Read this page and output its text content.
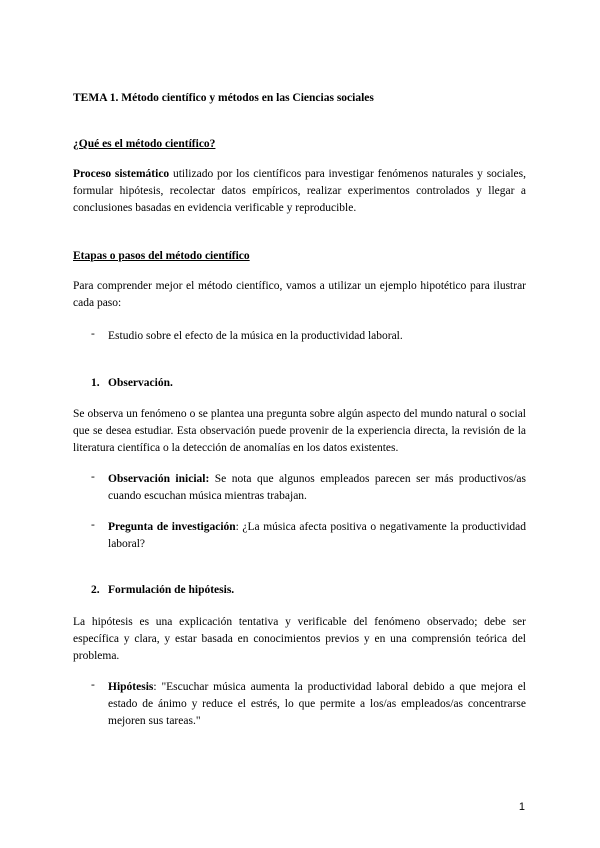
TEMA 1. Método científico y métodos en las Ciencias sociales
¿Qué es el método científico?
Proceso sistemático utilizado por los científicos para investigar fenómenos naturales y sociales, formular hipótesis, recolectar datos empíricos, realizar experimentos controlados y llegar a conclusiones basadas en evidencia verificable y reproducible.
Etapas o pasos del método científico
Para comprender mejor el método científico, vamos a utilizar un ejemplo hipotético para ilustrar cada paso:
- Estudio sobre el efecto de la música en la productividad laboral.
1. Observación.
Se observa un fenómeno o se plantea una pregunta sobre algún aspecto del mundo natural o social que se desea estudiar. Esta observación puede provenir de la experiencia directa, la revisión de la literatura científica o la detección de anomalías en los datos existentes.
- Observación inicial: Se nota que algunos empleados parecen ser más productivos/as cuando escuchan música mientras trabajan.
- Pregunta de investigación: ¿La música afecta positiva o negativamente la productividad laboral?
2. Formulación de hipótesis.
La hipótesis es una explicación tentativa y verificable del fenómeno observado; debe ser específica y clara, y estar basada en conocimientos previos y en una comprensión teórica del problema.
- Hipótesis: "Escuchar música aumenta la productividad laboral debido a que mejora el estado de ánimo y reduce el estrés, lo que permite a los/as empleados/as concentrarse mejoren sus tareas."
1
